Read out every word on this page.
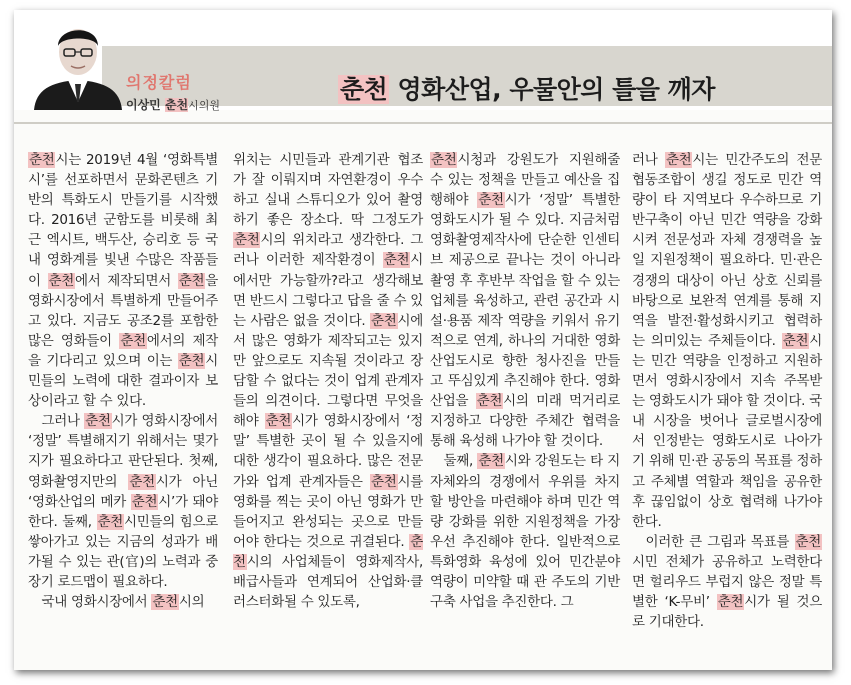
의정칼럼
이상민 춘천시의원
춘천 영화산업, 우물안의 틀을 깨자

춘천시는 2019년 4월 ‘영화특별시’를 선포하면서 문화콘텐츠 기반의 특화도시 만들기를 시작했다. 2016년 군함도를 비롯해 최근 엑시트, 백두산, 승리호 등 국내 영화계를 빛낸 수많은 작품들이 춘천에서 제작되면서 춘천을 영화시장에서 특별하게 만들어주고 있다. 지금도 공조2를 포함한 많은 영화들이 춘천에서의 제작을 기다리고 있으며 이는 춘천시민들의 노력에 대한 결과이자 보상이라고 할 수 있다.

그러나 춘천시가 영화시장에서 ‘정말’ 특별해지기 위해서는 몇가지가 필요하다고 판단된다. 첫째, 영화촬영지만의 춘천시가 아닌 ‘영화산업의 메카 춘천시’가 돼야 한다. 둘째, 춘천시민들의 힘으로 쌓아가고 있는 지금의 성과가 배가될 수 있는 관(官)의 노력과 중장기 로드맵이 필요하다.

국내 영화시장에서 춘천시의

위치는 시민들과 관계기관 협조가 잘 이뤄지며 자연환경이 우수하고 실내 스튜디오가 있어 촬영하기 좋은 장소다. 딱 그정도가 춘천시의 위치라고 생각한다. 그러나 이러한 제작환경이 춘천시에서만 가능할까?라고 생각해보면 반드시 그렇다고 답을 줄 수 있는 사람은 없을 것이다. 춘천시에서 많은 영화가 제작되고는 있지만 앞으로도 지속될 것이라고 장담할 수 없다는 것이 업계 관계자들의 의견이다. 그렇다면 무엇을 해야 춘천시가 영화시장에서 ‘정말’ 특별한 곳이 될 수 있을지에 대한 생각이 필요하다. 많은 전문가와 업계 관계자들은 춘천시를 영화를 찍는 곳이 아닌 영화가 만들어지고 완성되는 곳으로 만들어야 한다는 것으로 귀결된다. 춘천시의 사업체들이 영화제작사, 배급사들과 연계되어 산업화·클러스터화될 수 있도록,

춘천시청과 강원도가 지원해줄 수 있는 정책을 만들고 예산을 집행해야 춘천시가 ‘정말’ 특별한 영화도시가 될 수 있다. 지금처럼 영화촬영제작사에 단순한 인센티브 제공으로 끝나는 것이 아니라 촬영 후 후반부 작업을 할 수 있는 업체를 육성하고, 관련 공간과 시설·용품 제작 역량을 키워서 유기적으로 연계, 하나의 거대한 영화산업도시로 향한 청사진을 만들고 뚜심있게 추진해야 한다. 영화산업을 춘천시의 미래 먹거리로 지정하고 다양한 주체간 협력을 통해 육성해 나가야 할 것이다.

둘째, 춘천시와 강원도는 타 지자체와의 경쟁에서 우위를 차지할 방안을 마련해야 하며 민간 역량 강화를 위한 지원정책을 가장 우선 추진해야 한다. 일반적으로 특화영화 육성에 있어 민간분야 역량이 미약할 때 관 주도의 기반구축 사업을 추진한다. 그

러나 춘천시는 민간주도의 전문협동조합이 생길 정도로 민간 역량이 타 지역보다 우수하므로 기반구축이 아닌 민간 역량을 강화시켜 전문성과 자체 경쟁력을 높일 지원정책이 필요하다. 민·관은 경쟁의 대상이 아닌 상호 신뢰를 바탕으로 보완적 연계를 통해 지역을 발전·활성화시키고 협력하는 의미있는 주체들이다. 춘천시는 민간 역량을 인정하고 지원하면서 영화시장에서 지속 주목받는 영화도시가 돼야 할 것이다. 국내 시장을 벗어나 글로벌시장에서 인정받는 영화도시로 나아가기 위해 민·관 공동의 목표를 정하고 주체별 역할과 책임을 공유한 후 끊임없이 상호 협력해 나가야 한다.

이러한 큰 그림과 목표를 춘천시민 전체가 공유하고 노력한다면 헐리우드 부럽지 않은 정말 특별한 ‘K-무비’ 춘천시가 될 것으로 기대한다.
